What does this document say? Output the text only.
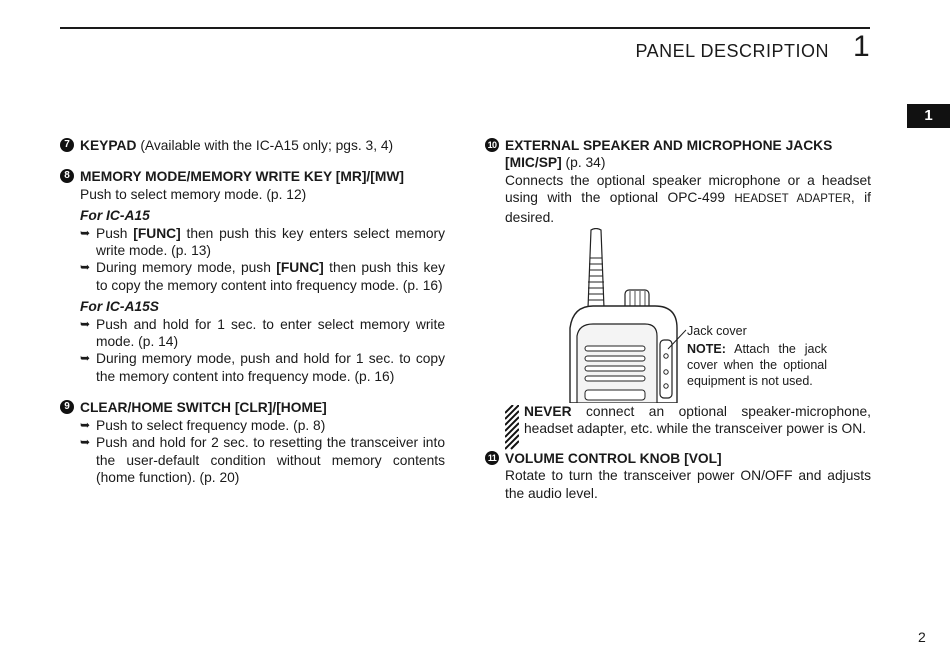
PANEL DESCRIPTION 1
1
7 KEYPAD (Available with the IC-A15 only; pgs. 3, 4)
8 MEMORY MODE/MEMORY WRITE KEY [MR]/[MW]
Push to select memory mode. (p. 12)
For IC-A15
➥ Push [FUNC] then push this key enters select memory write mode. (p. 13)
➥ During memory mode, push [FUNC] then push this key to copy the memory content into frequency mode. (p. 16)
For IC-A15S
➥ Push and hold for 1 sec. to enter select memory write mode. (p. 14)
➥ During memory mode, push and hold for 1 sec. to copy the memory content into frequency mode. (p. 16)
9 CLEAR/HOME SWITCH [CLR]/[HOME]
➥ Push to select frequency mode. (p. 8)
➥ Push and hold for 2 sec. to resetting the transceiver into the user-default condition without memory contents (home function). (p. 20)
10 EXTERNAL SPEAKER AND MICROPHONE JACKS [MIC/SP] (p. 34)
Connects the optional speaker microphone or a headset using with the optional OPC-499 HEADSET ADAPTER, if desired.
Jack cover
NOTE: Attach the jack cover when the optional equipment is not used.
NEVER connect an optional speaker-microphone, headset adapter, etc. while the transceiver power is ON.
11 VOLUME CONTROL KNOB [VOL]
Rotate to turn the transceiver power ON/OFF and adjusts the audio level.
2
